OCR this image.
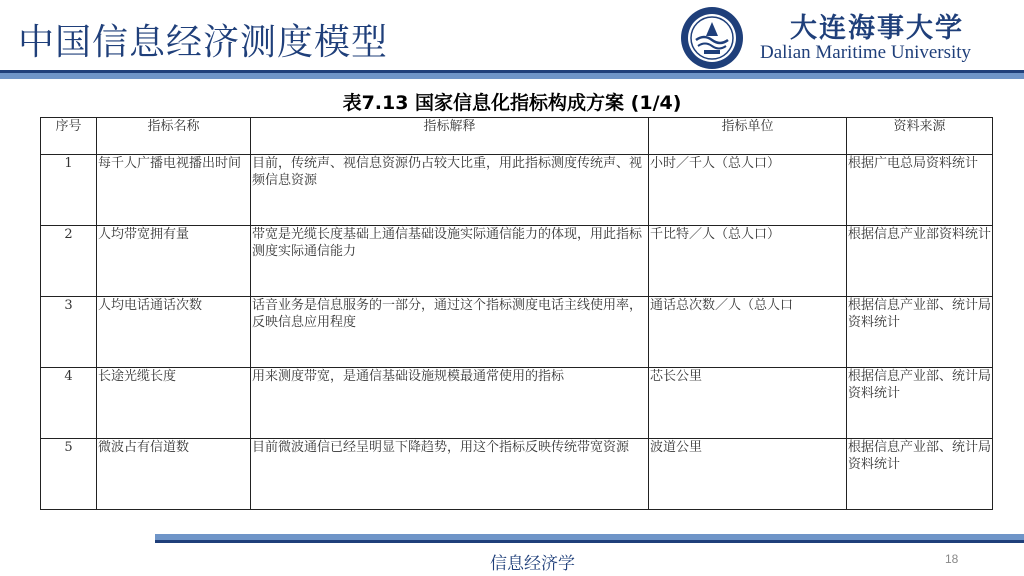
中国信息经济测度模型	大连海事大学
Dalian Maritime University
表7.13 国家信息化指标构成方案 (1/4)
序号	指标名称	指标解释	指标单位	资料来源
1	每千人广播电视播出时间	目前，传统声、视信息资源仍占较大比重，用此指标测度传统声、视频信息资源	小时／千人（总人口）	根据广电总局资料统计
2	人均带宽拥有量	带宽是光缆长度基础上通信基础设施实际通信能力的体现，用此指标测度实际通信能力	千比特／人（总人口）	根据信息产业部资料统计
3	人均电话通话次数	话音业务是信息服务的一部分，通过这个指标测度电话主线使用率，反映信息应用程度	通话总次数／人（总人口	根据信息产业部、统计局资料统计
4	长途光缆长度	用来测度带宽，是通信基础设施规模最通常使用的指标	芯长公里	根据信息产业部、统计局资料统计
5	微波占有信道数	目前微波通信已经呈明显下降趋势，用这个指标反映传统带宽资源	波道公里	根据信息产业部、统计局资料统计
信息经济学	18
